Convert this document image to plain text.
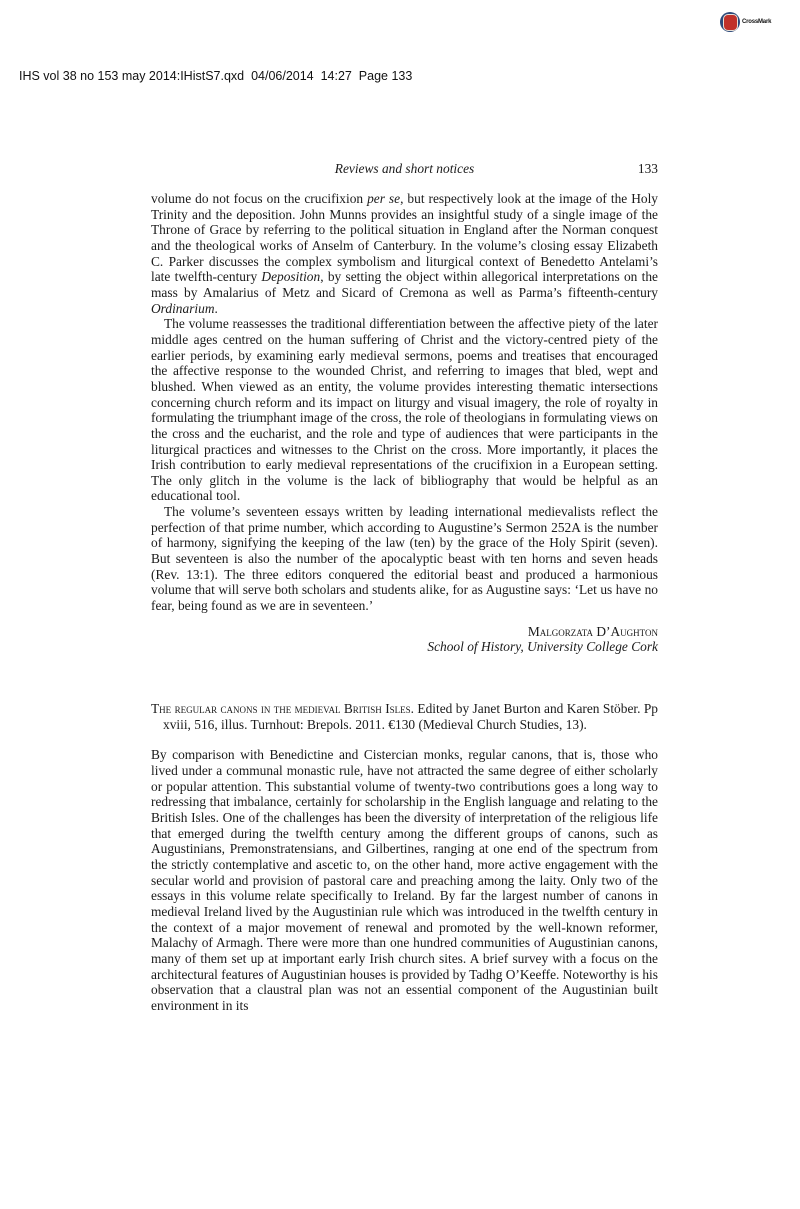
CrossMark
IHS vol 38 no 153 may 2014:IHistS7.qxd  04/06/2014  14:27  Page 133
Reviews and short notices	133

volume do not focus on the crucifixion per se, but respectively look at the image of the Holy Trinity and the deposition. John Munns provides an insightful study of a single image of the Throne of Grace by referring to the political situation in England after the Norman conquest and the theological works of Anselm of Canterbury. In the volume’s closing essay Elizabeth C. Parker discusses the complex symbolism and liturgical context of Benedetto Antelami’s late twelfth-century Deposition, by setting the object within allegorical interpretations on the mass by Amalarius of Metz and Sicard of Cremona as well as Parma’s fifteenth-century Ordinarium.

The volume reassesses the traditional differentiation between the affective piety of the later middle ages centred on the human suffering of Christ and the victory-centred piety of the earlier periods, by examining early medieval sermons, poems and treatises that encouraged the affective response to the wounded Christ, and referring to images that bled, wept and blushed. When viewed as an entity, the volume provides interesting thematic intersections concerning church reform and its impact on liturgy and visual imagery, the role of royalty in formulating the triumphant image of the cross, the role of theologians in formulating views on the cross and the eucharist, and the role and type of audiences that were participants in the liturgical practices and witnesses to the Christ on the cross. More importantly, it places the Irish contribution to early medieval representations of the crucifixion in a European setting. The only glitch in the volume is the lack of bibliography that would be helpful as an educational tool.

The volume’s seventeen essays written by leading international medievalists reflect the perfection of that prime number, which according to Augustine’s Sermon 252A is the number of harmony, signifying the keeping of the law (ten) by the grace of the Holy Spirit (seven). But seventeen is also the number of the apocalyptic beast with ten horns and seven heads (Rev. 13:1). The three editors conquered the editorial beast and produced a harmonious volume that will serve both scholars and students alike, for as Augustine says: ‘Let us have no fear, being found as we are in seventeen.’

Malgorzata D’Aughton
School of History, University College Cork

The regular canons in the medieval British Isles. Edited by Janet Burton and Karen Stöber. Pp xviii, 516, illus. Turnhout: Brepols. 2011. €130 (Medieval Church Studies, 13).

By comparison with Benedictine and Cistercian monks, regular canons, that is, those who lived under a communal monastic rule, have not attracted the same degree of either scholarly or popular attention. This substantial volume of twenty-two contributions goes a long way to redressing that imbalance, certainly for scholarship in the English language and relating to the British Isles. One of the challenges has been the diversity of interpretation of the religious life that emerged during the twelfth century among the different groups of canons, such as Augustinians, Premonstratensians, and Gilbertines, ranging at one end of the spectrum from the strictly contemplative and ascetic to, on the other hand, more active engagement with the secular world and provision of pastoral care and preaching among the laity. Only two of the essays in this volume relate specifically to Ireland. By far the largest number of canons in medieval Ireland lived by the Augustinian rule which was introduced in the twelfth century in the context of a major movement of renewal and promoted by the well-known reformer, Malachy of Armagh. There were more than one hundred communities of Augustinian canons, many of them set up at important early Irish church sites. A brief survey with a focus on the architectural features of Augustinian houses is provided by Tadhg O’Keeffe. Noteworthy is his observation that a claustral plan was not an essential component of the Augustinian built environment in its
